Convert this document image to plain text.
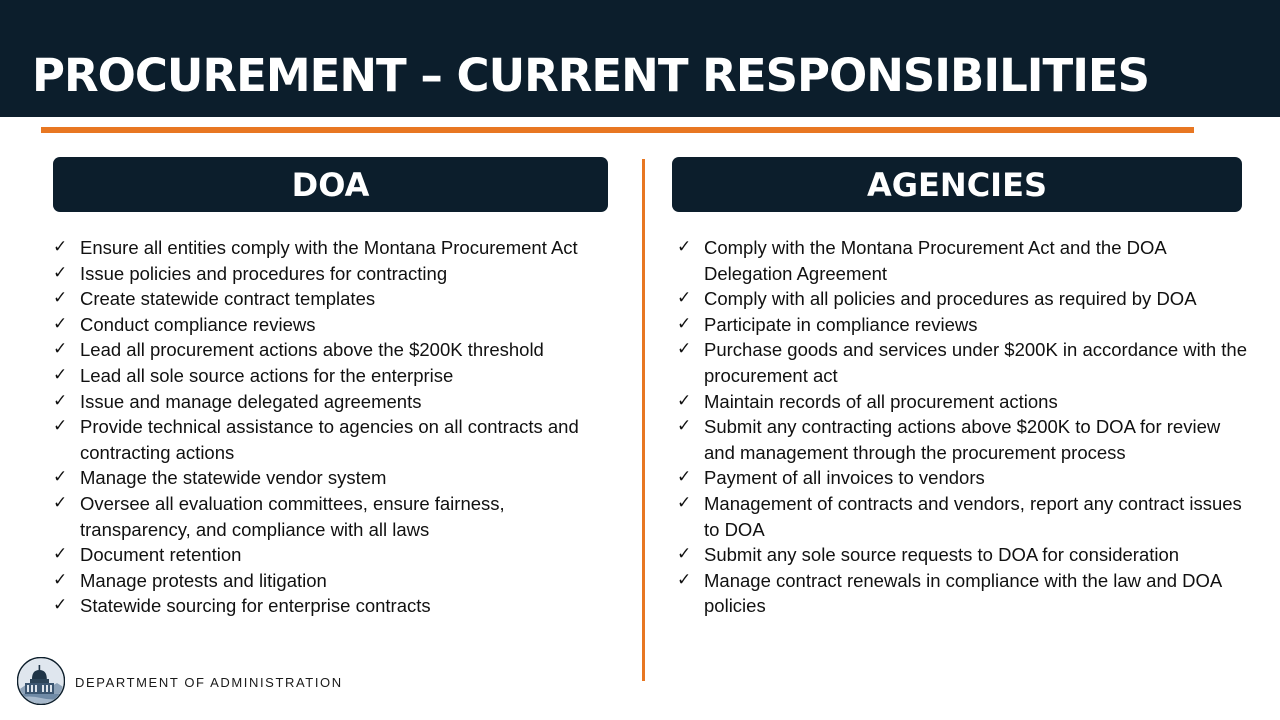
PROCUREMENT – CURRENT RESPONSIBILITIES
DOA	AGENCIES
✓ Ensure all entities comply with the Montana Procurement Act
✓ Issue policies and procedures for contracting
✓ Create statewide contract templates
✓ Conduct compliance reviews
✓ Lead all procurement actions above the $200K threshold
✓ Lead all sole source actions for the enterprise
✓ Issue and manage delegated agreements
✓ Provide technical assistance to agencies on all contracts and contracting actions
✓ Manage the statewide vendor system
✓ Oversee all evaluation committees, ensure fairness, transparency, and compliance with all laws
✓ Document retention
✓ Manage protests and litigation
✓ Statewide sourcing for enterprise contracts
✓ Comply with the Montana Procurement Act and the DOA Delegation Agreement
✓ Comply with all policies and procedures as required by DOA
✓ Participate in compliance reviews
✓ Purchase goods and services under $200K in accordance with the procurement act
✓ Maintain records of all procurement actions
✓ Submit any contracting actions above $200K to DOA for review and management through the procurement process
✓ Payment of all invoices to vendors
✓ Management of contracts and vendors, report any contract issues to DOA
✓ Submit any sole source requests to DOA for consideration
✓ Manage contract renewals in compliance with the law and DOA policies
DEPARTMENT OF ADMINISTRATION
